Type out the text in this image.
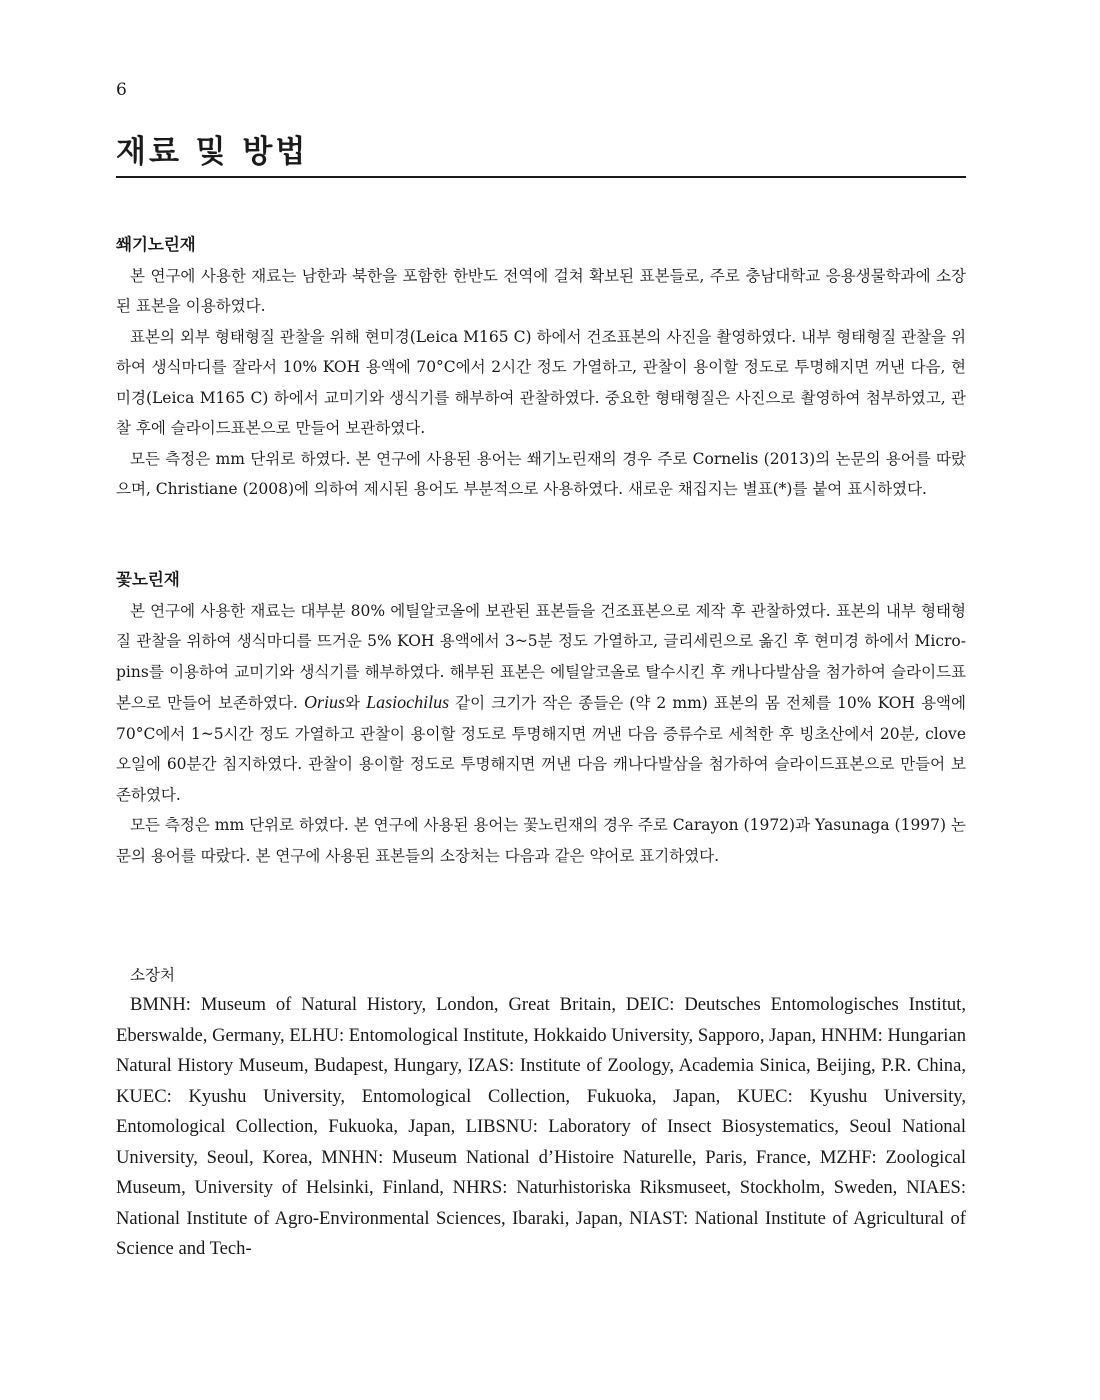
6
재료 및 방법

쐐기노린재

본 연구에 사용한 재료는 남한과 북한을 포함한 한반도 전역에 걸쳐 확보된 표본들로, 주로 충남대학교 응용생물학과에 소장된 표본을 이용하였다.

표본의 외부 형태형질 관찰을 위해 현미경(Leica M165 C) 하에서 건조표본의 사진을 촬영하였다. 내부 형태형질 관찰을 위하여 생식마디를 잘라서 10% KOH 용액에 70°C에서 2시간 정도 가열하고, 관찰이 용이할 정도로 투명해지면 꺼낸 다음, 현미경(Leica M165 C) 하에서 교미기와 생식기를 해부하여 관찰하였다. 중요한 형태형질은 사진으로 촬영하여 첨부하였고, 관찰 후에 슬라이드표본으로 만들어 보관하였다.

모든 측정은 mm 단위로 하였다. 본 연구에 사용된 용어는 쐐기노린재의 경우 주로 Cornelis (2013)의 논문의 용어를 따랐으며, Christiane (2008)에 의하여 제시된 용어도 부분적으로 사용하였다. 새로운 채집지는 별표(*)를 붙여 표시하였다.

꽃노린재

본 연구에 사용한 재료는 대부분 80% 에틸알코올에 보관된 표본들을 건조표본으로 제작 후 관찰하였다. 표본의 내부 형태형질 관찰을 위하여 생식마디를 뜨거운 5% KOH 용액에서 3~5분 정도 가열하고, 글리세린으로 옮긴 후 현미경 하에서 Micro-pins를 이용하여 교미기와 생식기를 해부하였다. 해부된 표본은 에틸알코올로 탈수시킨 후 캐나다발삼을 첨가하여 슬라이드표본으로 만들어 보존하였다. Orius와 Lasiochilus 같이 크기가 작은 종들은 (약 2 mm) 표본의 몸 전체를 10% KOH 용액에 70°C에서 1~5시간 정도 가열하고 관찰이 용이할 정도로 투명해지면 꺼낸 다음 증류수로 세척한 후 빙초산에서 20분, clove 오일에 60분간 침지하였다. 관찰이 용이할 정도로 투명해지면 꺼낸 다음 캐나다발삼을 첨가하여 슬라이드표본으로 만들어 보존하였다.

모든 측정은 mm 단위로 하였다. 본 연구에 사용된 용어는 꽃노린재의 경우 주로 Carayon (1972)과 Yasunaga (1997) 논문의 용어를 따랐다. 본 연구에 사용된 표본들의 소장처는 다음과 같은 약어로 표기하였다.

소장처

BMNH: Museum of Natural History, London, Great Britain, DEIC: Deutsches Entomologisches Institut, Eberswalde, Germany, ELHU: Entomological Institute, Hokkaido University, Sapporo, Japan, HNHM: Hungarian Natural History Museum, Budapest, Hungary, IZAS: Institute of Zoology, Academia Sinica, Beijing, P.R. China, KUEC: Kyushu University, Entomological Collection, Fukuoka, Japan, KUEC: Kyushu University, Entomological Collection, Fukuoka, Japan, LIBSNU: Laboratory of Insect Biosystematics, Seoul National University, Seoul, Korea, MNHN: Museum National d’Histoire Naturelle, Paris, France, MZHF: Zoological Museum, University of Helsinki, Finland, NHRS: Naturhistoriska Riksmuseet, Stockholm, Sweden, NIAES: National Institute of Agro-Environmental Sciences, Ibaraki, Japan, NIAST: National Institute of Agricultural of Science and Tech-
